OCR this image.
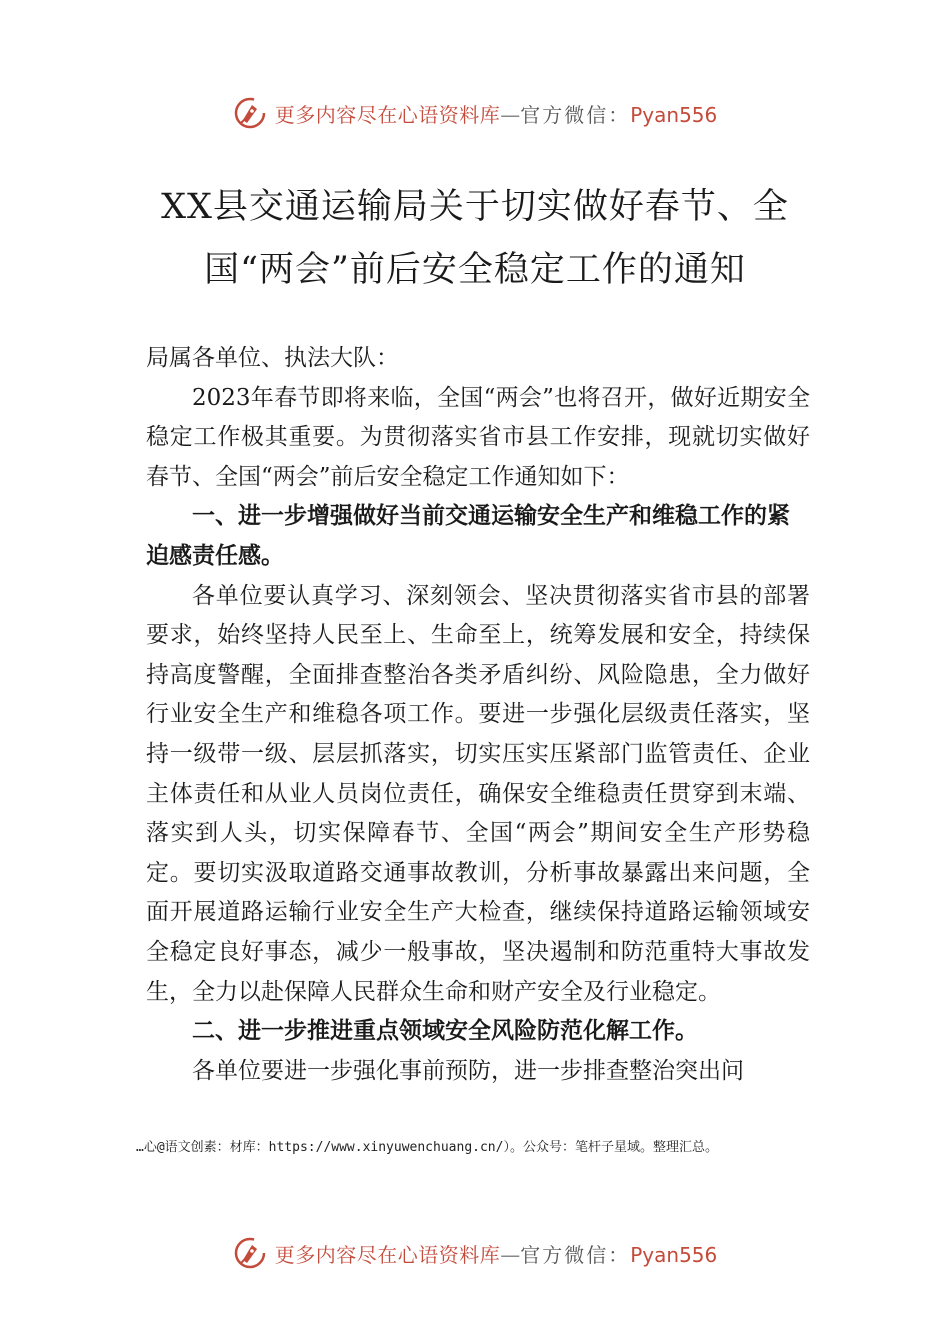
更多内容尽在心语资料库—官方微信：Pyan556
XX县交通运输局关于切实做好春节、全
国“两会”前后安全稳定工作的通知

局属各单位、执法大队：

2023年春节即将来临，全国“两会”也将召开，做好近期安全稳定工作极其重要。为贯彻落实省市县工作安排，现就切实做好春节、全国“两会”前后安全稳定工作通知如下：

一、进一步增强做好当前交通运输安全生产和维稳工作的紧迫感责任感。

各单位要认真学习、深刻领会、坚决贯彻落实省市县的部署要求，始终坚持人民至上、生命至上，统筹发展和安全，持续保持高度警醒，全面排查整治各类矛盾纠纷、风险隐患，全力做好行业安全生产和维稳各项工作。要进一步强化层级责任落实，坚持一级带一级、层层抓落实，切实压实压紧部门监管责任、企业主体责任和从业人员岗位责任，确保安全维稳责任贯穿到末端、落实到人头，切实保障春节、全国“两会”期间安全生产形势稳定。要切实汲取道路交通事故教训，分析事故暴露出来问题，全面开展道路运输行业安全生产大检查，继续保持道路运输领域安全稳定良好事态，减少一般事故，坚决遏制和防范重特大事故发生，全力以赴保障人民群众生命和财产安全及行业稳定。

二、进一步推进重点领域安全风险防范化解工作。

各单位要进一步强化事前预防，进一步排查整治突出问

…心@语文创素：材库：https://www.xinyuwenchuang.cn/）。公众号：笔杆子星域。整理汇总。
更多内容尽在心语资料库—官方微信：Pyan556
